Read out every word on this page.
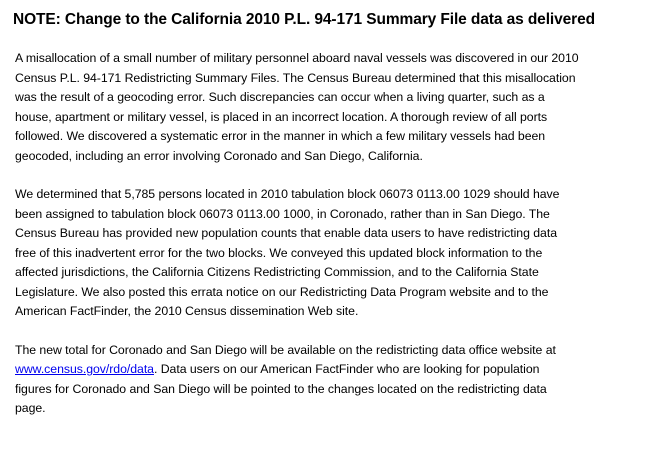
NOTE: Change to the California 2010 P.L. 94-171 Summary File data as delivered
A misallocation of a small number of military personnel aboard naval vessels was discovered in our 2010
Census P.L. 94-171 Redistricting Summary Files. The Census Bureau determined that this misallocation
was the result of a geocoding error. Such discrepancies can occur when a living quarter, such as a
house, apartment or military vessel, is placed in an incorrect location. A thorough review of all ports
followed. We discovered a systematic error in the manner in which a few military vessels had been
geocoded, including an error involving Coronado and San Diego, California.
We determined that 5,785 persons located in 2010 tabulation block 06073 0113.00 1029 should have
been assigned to tabulation block 06073 0113.00 1000, in Coronado, rather than in San Diego. The
Census Bureau has provided new population counts that enable data users to have redistricting data
free of this inadvertent error for the two blocks. We conveyed this updated block information to the
affected jurisdictions, the California Citizens Redistricting Commission, and to the California State
Legislature. We also posted this errata notice on our Redistricting Data Program website and to the
American FactFinder, the 2010 Census dissemination Web site.
The new total for Coronado and San Diego will be available on the redistricting data office website at
www.census.gov/rdo/data. Data users on our American FactFinder who are looking for population
figures for Coronado and San Diego will be pointed to the changes located on the redistricting data
page.
